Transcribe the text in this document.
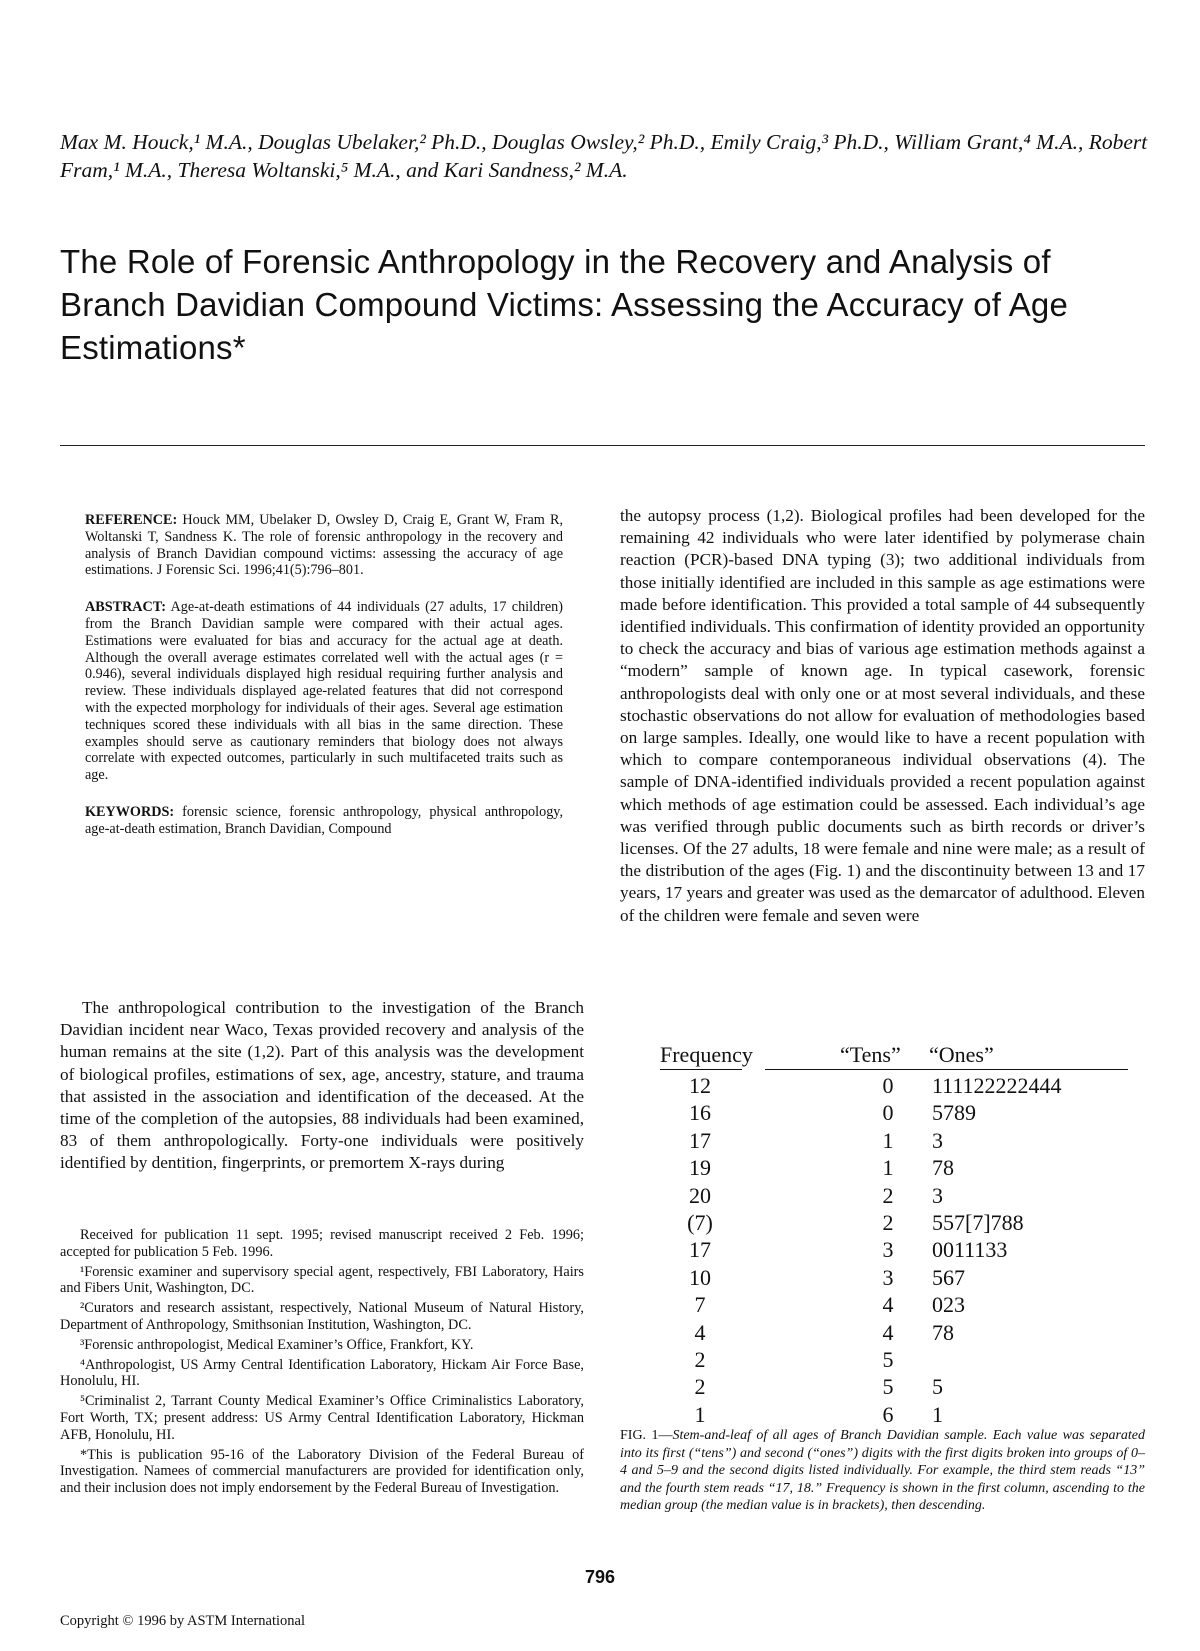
Max M. Houck,¹ M.A., Douglas Ubelaker,² Ph.D., Douglas Owsley,² Ph.D., Emily Craig,³ Ph.D., William Grant,⁴ M.A., Robert Fram,¹ M.A., Theresa Woltanski,⁵ M.A., and Kari Sandness,² M.A.
The Role of Forensic Anthropology in the Recovery and Analysis of Branch Davidian Compound Victims: Assessing the Accuracy of Age Estimations*

REFERENCE: Houck MM, Ubelaker D, Owsley D, Craig E, Grant W, Fram R, Woltanski T, Sandness K. The role of forensic anthropology in the recovery and analysis of Branch Davidian compound victims: assessing the accuracy of age estimations. J Forensic Sci. 1996;41(5):796–801.

ABSTRACT: Age-at-death estimations of 44 individuals (27 adults, 17 children) from the Branch Davidian sample were compared with their actual ages. Estimations were evaluated for bias and accuracy for the actual age at death. Although the overall average estimates correlated well with the actual ages (r = 0.946), several individuals displayed high residual requiring further analysis and review. These individuals displayed age-related features that did not correspond with the expected morphology for individuals of their ages. Several age estimation techniques scored these individuals with all bias in the same direction. These examples should serve as cautionary reminders that biology does not always correlate with expected outcomes, particularly in such multifaceted traits such as age.

KEYWORDS: forensic science, forensic anthropology, physical anthropology, age-at-death estimation, Branch Davidian, Compound

The anthropological contribution to the investigation of the Branch Davidian incident near Waco, Texas provided recovery and analysis of the human remains at the site (1,2). Part of this analysis was the development of biological profiles, estimations of sex, age, ancestry, stature, and trauma that assisted in the association and identification of the deceased. At the time of the completion of the autopsies, 88 individuals had been examined, 83 of them anthropologically. Forty-one individuals were positively identified by dentition, fingerprints, or premortem X-rays during

Received for publication 11 sept. 1995; revised manuscript received 2 Feb. 1996; accepted for publication 5 Feb. 1996.

¹Forensic examiner and supervisory special agent, respectively, FBI Laboratory, Hairs and Fibers Unit, Washington, DC.

²Curators and research assistant, respectively, National Museum of Natural History, Department of Anthropology, Smithsonian Institution, Washington, DC.

³Forensic anthropologist, Medical Examiner’s Office, Frankfort, KY.

⁴Anthropologist, US Army Central Identification Laboratory, Hickam Air Force Base, Honolulu, HI.

⁵Criminalist 2, Tarrant County Medical Examiner’s Office Criminalistics Laboratory, Fort Worth, TX; present address: US Army Central Identification Laboratory, Hickman AFB, Honolulu, HI.

*This is publication 95-16 of the Laboratory Division of the Federal Bureau of Investigation. Namees of commercial manufacturers are provided for identification only, and their inclusion does not imply endorsement by the Federal Bureau of Investigation.

the autopsy process (1,2). Biological profiles had been developed for the remaining 42 individuals who were later identified by polymerase chain reaction (PCR)-based DNA typing (3); two additional individuals from those initially identified are included in this sample as age estimations were made before identification. This provided a total sample of 44 subsequently identified individuals. This confirmation of identity provided an opportunity to check the accuracy and bias of various age estimation methods against a “modern” sample of known age. In typical casework, forensic anthropologists deal with only one or at most several individuals, and these stochastic observations do not allow for evaluation of methodologies based on large samples. Ideally, one would like to have a recent population with which to compare contemporaneous individual observations (4). The sample of DNA-identified individuals provided a recent population against which methods of age estimation could be assessed. Each individual’s age was verified through public documents such as birth records or driver’s licenses. Of the 27 adults, 18 were female and nine were male; as a result of the distribution of the ages (Fig. 1) and the discontinuity between 13 and 17 years, 17 years and greater was used as the demarcator of adulthood. Eleven of the children were female and seven were

Frequency	“Tens” “Ones”
12	0 111122222444
16	0 5789
17	1 3
19	1 78
20	2 3
(7)	2 557[7]788
17	3 0011133
10	3 567
7	4 023
4	4 78
2	5
2	5 5
1	6 1

FIG. 1—Stem-and-leaf of all ages of Branch Davidian sample. Each value was separated into its first (“tens”) and second (“ones”) digits with the first digits broken into groups of 0–4 and 5–9 and the second digits listed individually. For example, the third stem reads “13” and the fourth stem reads “17, 18.” Frequency is shown in the first column, ascending to the median group (the median value is in brackets), then descending.

796
Copyright © 1996 by ASTM International
